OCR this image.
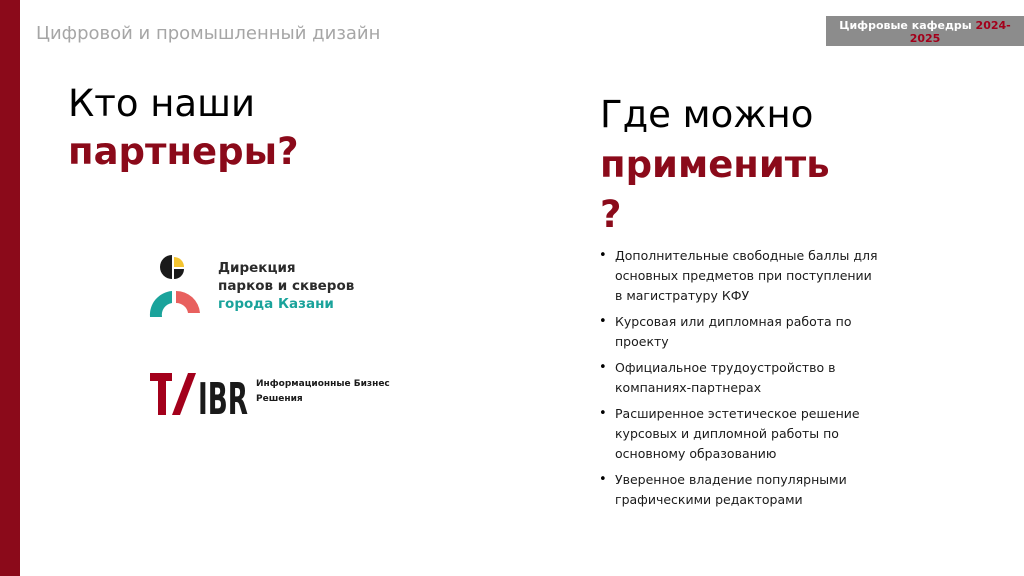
Цифровой и промышленный дизайн	Цифровые кафедры 2024-
2025
Кто наши
партнеры?
Дирекция
парков и скверов
города Казани
IBR Информационные Бизнес
Решения
Где можно
применить
?
• Дополнительные свободные баллы для основных предметов при поступлении в магистратуру КФУ
• Курсовая или дипломная работа по проекту
• Официальное трудоустройство в компаниях-партнерах
• Расширенное эстетическое решение курсовых и дипломной работы по основному образованию
• Уверенное владение популярными графическими редакторами
